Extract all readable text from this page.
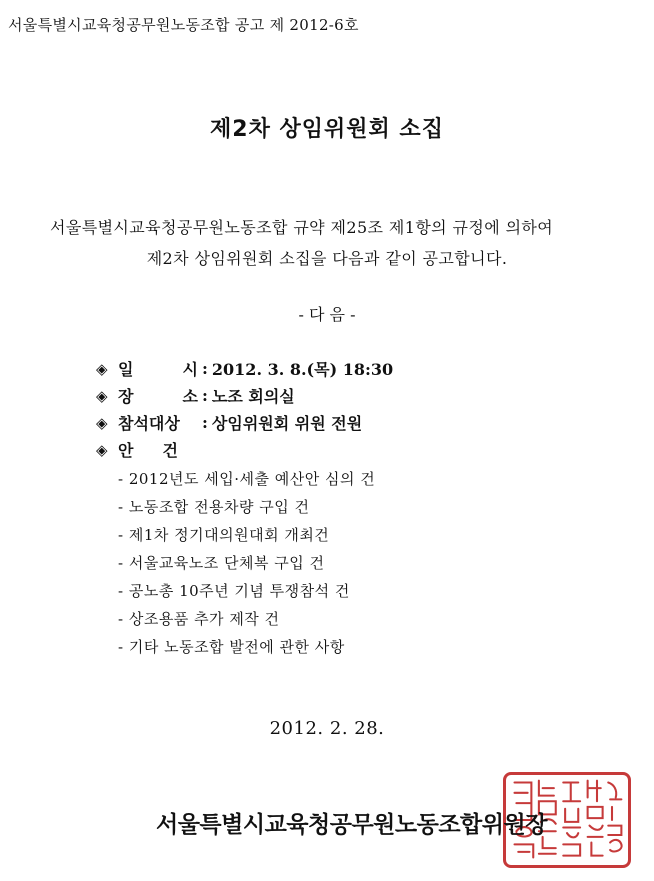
서울특별시교육청공무원노동조합 공고 제 2012-6호
제2차 상임위원회 소집
서울특별시교육청공무원노동조합 규약 제25조 제1항의 규정에 의하여
제2차 상임위원회 소집을 다음과 같이 공고합니다.
- 다 음 -
◈ 일	시 : 2012. 3. 8.(목) 18:30
◈ 장	소 : 노조 회의실
◈ 참석대상 : 상임위원회 위원 전원
◈ 안 건
- 2012년도 세입·세출 예산안 심의 건
- 노동조합 전용차량 구입 건
- 제1차 정기대의원대회 개최건
- 서울교육노조 단체복 구입 건
- 공노총 10주년 기념 투쟁참석 건
- 상조용품 추가 제작 건
- 기타 노동조합 발전에 관한 사항
2012. 2. 28.
서울특별시교육청공무원노동조합위원장
